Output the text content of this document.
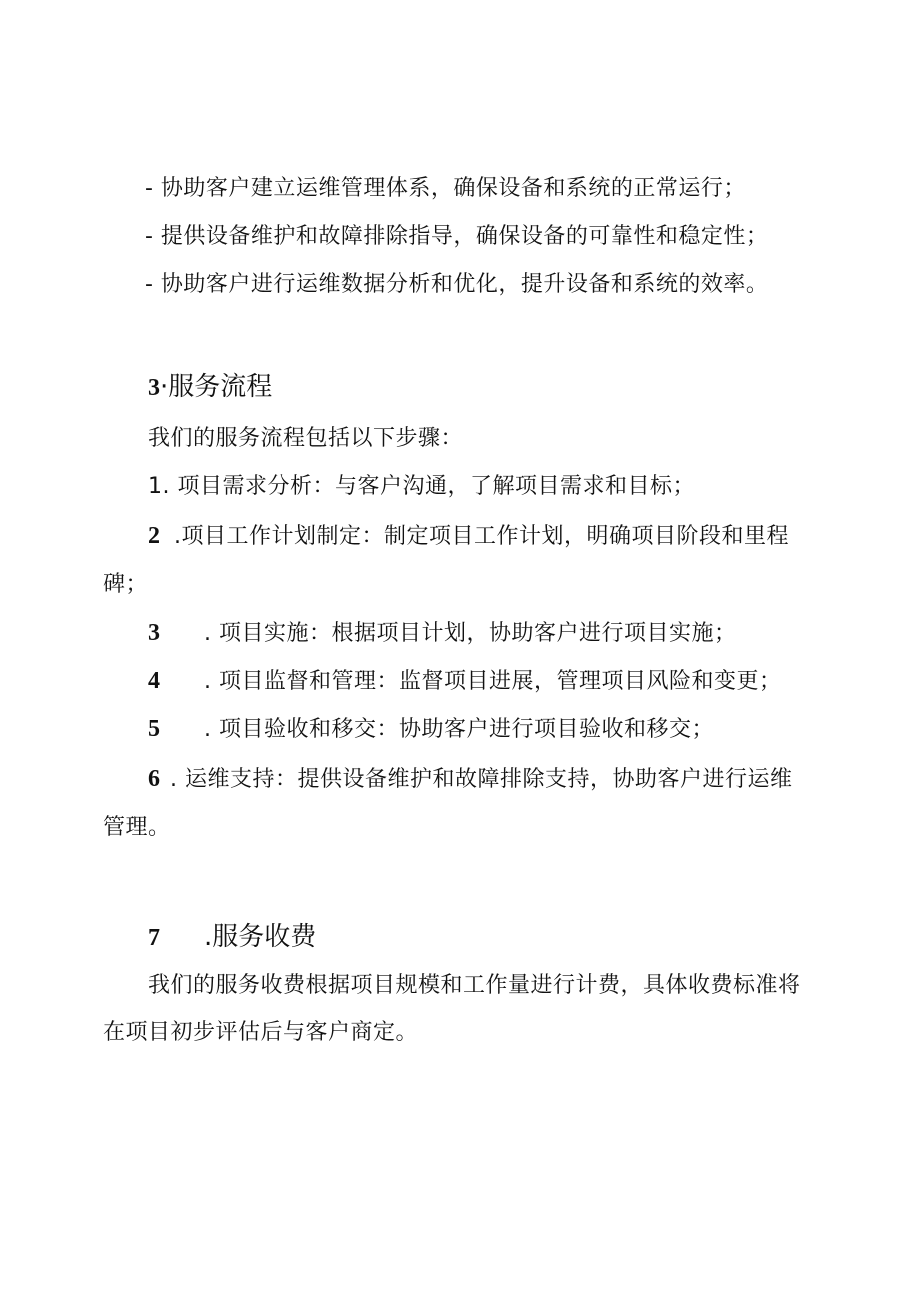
- 协助客户建立运维管理体系，确保设备和系统的正常运行；
- 提供设备维护和故障排除指导，确保设备的可靠性和稳定性；
- 协助客户进行运维数据分析和优化，提升设备和系统的效率。
3·服务流程
我们的服务流程包括以下步骤：
1. 项目需求分析：与客户沟通，了解项目需求和目标；
2 .项目工作计划制定：制定项目工作计划，明确项目阶段和里程
碑；
3 . 项目实施：根据项目计划，协助客户进行项目实施；
4 . 项目监督和管理：监督项目进展，管理项目风险和变更；
5 . 项目验收和移交：协助客户进行项目验收和移交；
6 . 运维支持：提供设备维护和故障排除支持，协助客户进行运维
管理。
7 .服务收费
我们的服务收费根据项目规模和工作量进行计费，具体收费标准将
在项目初步评估后与客户商定。
